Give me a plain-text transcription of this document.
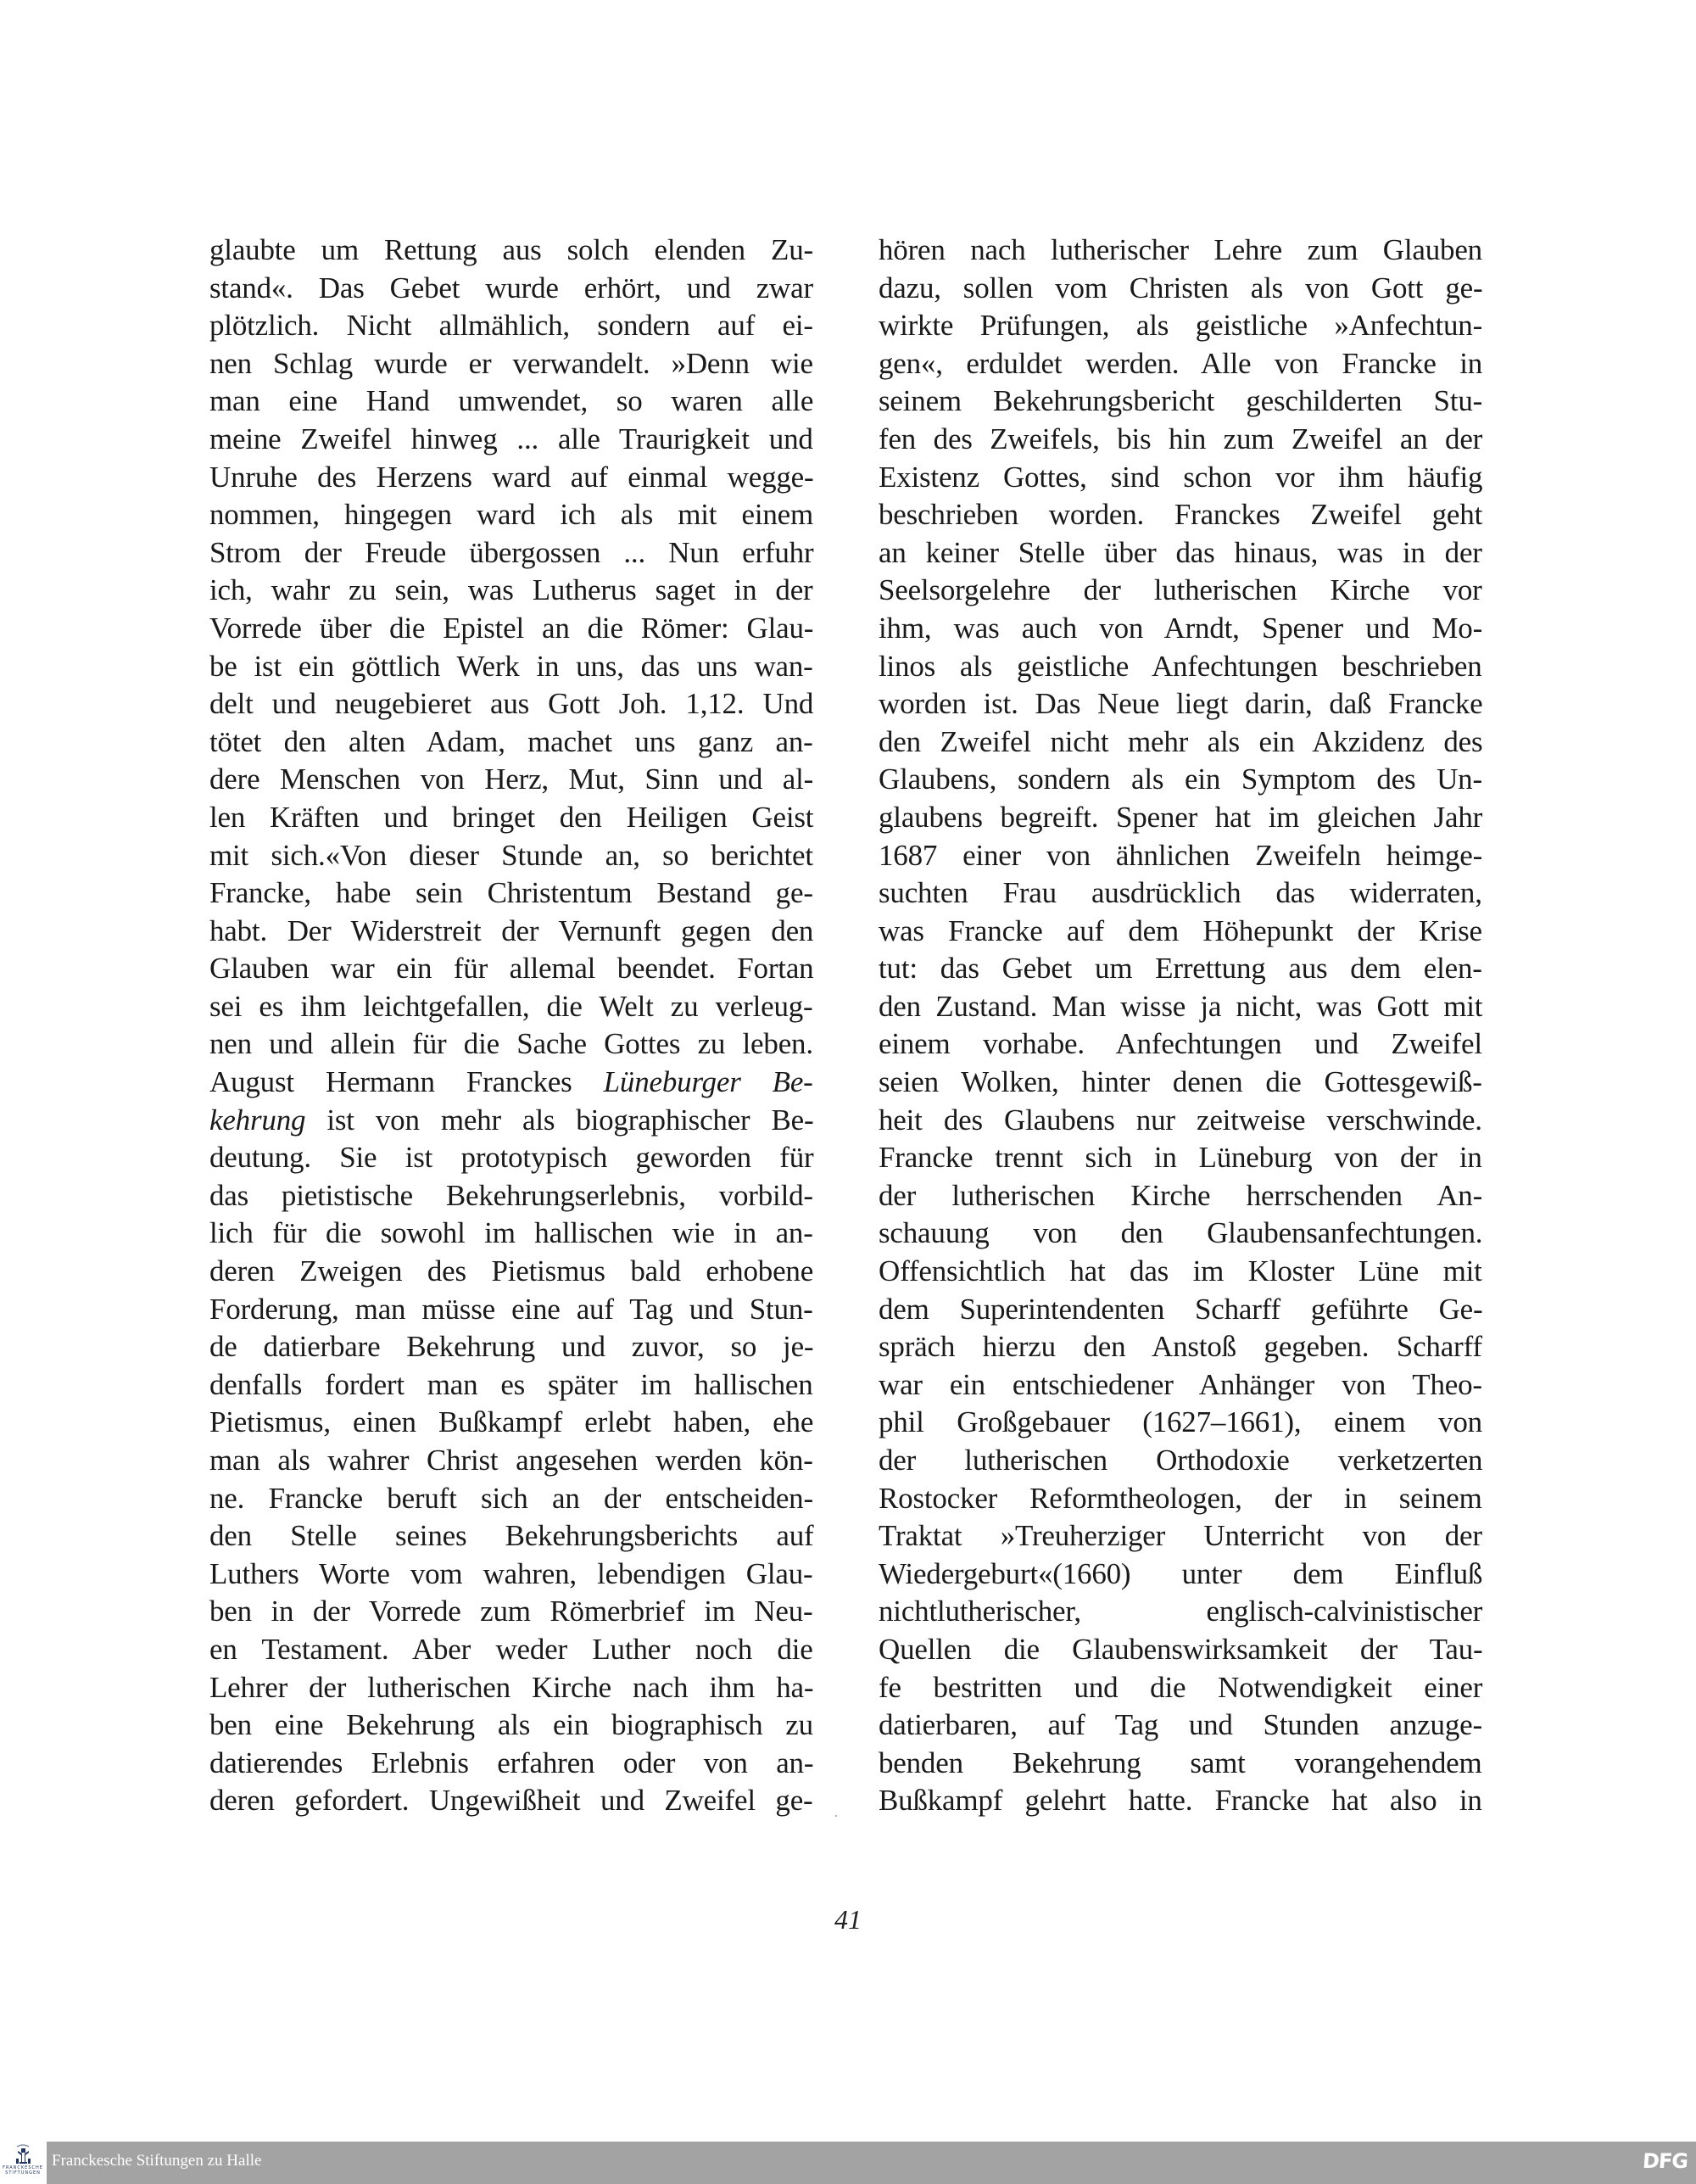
glaubte um Rettung aus solch elenden Zu-
stand«. Das Gebet wurde erhört, und zwar
plötzlich. Nicht allmählich, sondern auf ei-
nen Schlag wurde er verwandelt. »Denn wie
man eine Hand umwendet, so waren alle
meine Zweifel hinweg ... alle Traurigkeit und
Unruhe des Herzens ward auf einmal wegge-
nommen, hingegen ward ich als mit einem
Strom der Freude übergossen ... Nun erfuhr
ich, wahr zu sein, was Lutherus saget in der
Vorrede über die Epistel an die Römer: Glau-
be ist ein göttlich Werk in uns, das uns wan-
delt und neugebieret aus Gott Joh. 1,12. Und
tötet den alten Adam, machet uns ganz an-
dere Menschen von Herz, Mut, Sinn und al-
len Kräften und bringet den Heiligen Geist
mit sich.«Von dieser Stunde an, so berichtet
Francke, habe sein Christentum Bestand ge-
habt. Der Widerstreit der Vernunft gegen den
Glauben war ein für allemal beendet. Fortan
sei es ihm leichtgefallen, die Welt zu verleug-
nen und allein für die Sache Gottes zu leben.
August Hermann Franckes Lüneburger Be-
kehrung ist von mehr als biographischer Be-
deutung. Sie ist prototypisch geworden für
das pietistische Bekehrungserlebnis, vorbild-
lich für die sowohl im hallischen wie in an-
deren Zweigen des Pietismus bald erhobene
Forderung, man müsse eine auf Tag und Stun-
de datierbare Bekehrung und zuvor, so je-
denfalls fordert man es später im hallischen
Pietismus, einen Bußkampf erlebt haben, ehe
man als wahrer Christ angesehen werden kön-
ne. Francke beruft sich an der entscheiden-
den Stelle seines Bekehrungsberichts auf
Luthers Worte vom wahren, lebendigen Glau-
ben in der Vorrede zum Römerbrief im Neu-
en Testament. Aber weder Luther noch die
Lehrer der lutherischen Kirche nach ihm ha-
ben eine Bekehrung als ein biographisch zu
datierendes Erlebnis erfahren oder von an-
deren gefordert. Ungewißheit und Zweifel ge-
hören nach lutherischer Lehre zum Glauben
dazu, sollen vom Christen als von Gott ge-
wirkte Prüfungen, als geistliche »Anfechtun-
gen«, erduldet werden. Alle von Francke in
seinem Bekehrungsbericht geschilderten Stu-
fen des Zweifels, bis hin zum Zweifel an der
Existenz Gottes, sind schon vor ihm häufig
beschrieben worden. Franckes Zweifel geht
an keiner Stelle über das hinaus, was in der
Seelsorgelehre der lutherischen Kirche vor
ihm, was auch von Arndt, Spener und Mo-
linos als geistliche Anfechtungen beschrieben
worden ist. Das Neue liegt darin, daß Francke
den Zweifel nicht mehr als ein Akzidenz des
Glaubens, sondern als ein Symptom des Un-
glaubens begreift. Spener hat im gleichen Jahr
1687 einer von ähnlichen Zweifeln heimge-
suchten Frau ausdrücklich das widerraten,
was Francke auf dem Höhepunkt der Krise
tut: das Gebet um Errettung aus dem elen-
den Zustand. Man wisse ja nicht, was Gott mit
einem vorhabe. Anfechtungen und Zweifel
seien Wolken, hinter denen die Gottesgewiß-
heit des Glaubens nur zeitweise verschwinde.
Francke trennt sich in Lüneburg von der in
der lutherischen Kirche herrschenden An-
schauung von den Glaubensanfechtungen.
Offensichtlich hat das im Kloster Lüne mit
dem Superintendenten Scharff geführte Ge-
spräch hierzu den Anstoß gegeben. Scharff
war ein entschiedener Anhänger von Theo-
phil Großgebauer (1627–1661), einem von
der lutherischen Orthodoxie verketzerten
Rostocker Reformtheologen, der in seinem
Traktat »Treuherziger Unterricht von der
Wiedergeburt«(1660) unter dem Einfluß
nichtlutherischer, englisch-calvinistischer
Quellen die Glaubenswirksamkeit der Tau-
fe bestritten und die Notwendigkeit einer
datierbaren, auf Tag und Stunden anzuge-
benden Bekehrung samt vorangehendem
Bußkampf gelehrt hatte. Francke hat also in
41
FRANCKESCHE
STIFTUNGEN
Franckesche Stiftungen zu Halle	DFG
